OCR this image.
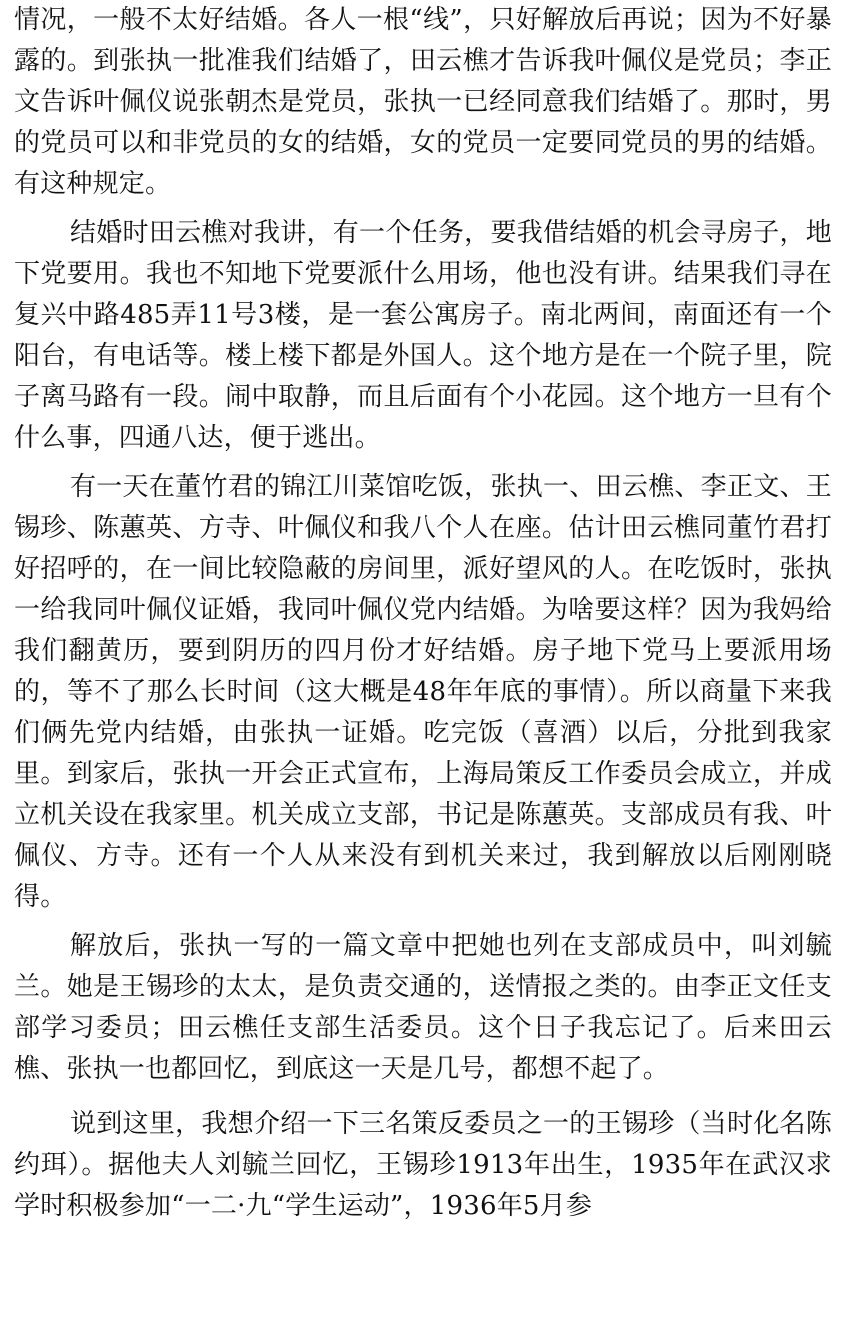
情况，一般不太好结婚。各人一根“线”，只好解放后再说；因为不好暴露的。到张执一批准我们结婚了，田云樵才告诉我叶佩仪是党员；李正文告诉叶佩仪说张朝杰是党员，张执一已经同意我们结婚了。那时，男的党员可以和非党员的女的结婚，女的党员一定要同党员的男的结婚。有这种规定。

结婚时田云樵对我讲，有一个任务，要我借结婚的机会寻房子，地下党要用。我也不知地下党要派什么用场，他也没有讲。结果我们寻在复兴中路485弄11号3楼，是一套公寓房子。南北两间，南面还有一个阳台，有电话等。楼上楼下都是外国人。这个地方是在一个院子里，院子离马路有一段。闹中取静，而且后面有个小花园。这个地方一旦有个什么事，四通八达，便于逃出。

有一天在董竹君的锦江川菜馆吃饭，张执一、田云樵、李正文、王锡珍、陈蕙英、方寺、叶佩仪和我八个人在座。估计田云樵同董竹君打好招呼的，在一间比较隐蔽的房间里，派好望风的人。在吃饭时，张执一给我同叶佩仪证婚，我同叶佩仪党内结婚。为啥要这样？因为我妈给我们翻黄历，要到阴历的四月份才好结婚。房子地下党马上要派用场的，等不了那么长时间（这大概是48年年底的事情）。所以商量下来我们俩先党内结婚，由张执一证婚。吃完饭（喜酒）以后，分批到我家里。到家后，张执一开会正式宣布，上海局策反工作委员会成立，并成立机关设在我家里。机关成立支部，书记是陈蕙英。支部成员有我、叶佩仪、方寺。还有一个人从来没有到机关来过，我到解放以后刚刚晓得。

解放后，张执一写的一篇文章中把她也列在支部成员中，叫刘毓兰。她是王锡珍的太太，是负责交通的，送情报之类的。由李正文任支部学习委员；田云樵任支部生活委员。这个日子我忘记了。后来田云樵、张执一也都回忆，到底这一天是几号，都想不起了。

说到这里，我想介绍一下三名策反委员之一的王锡珍（当时化名陈约珥）。据他夫人刘毓兰回忆，王锡珍1913年出生，1935年在武汉求学时积极参加“一二·九“学生运动”，1936年5月参
